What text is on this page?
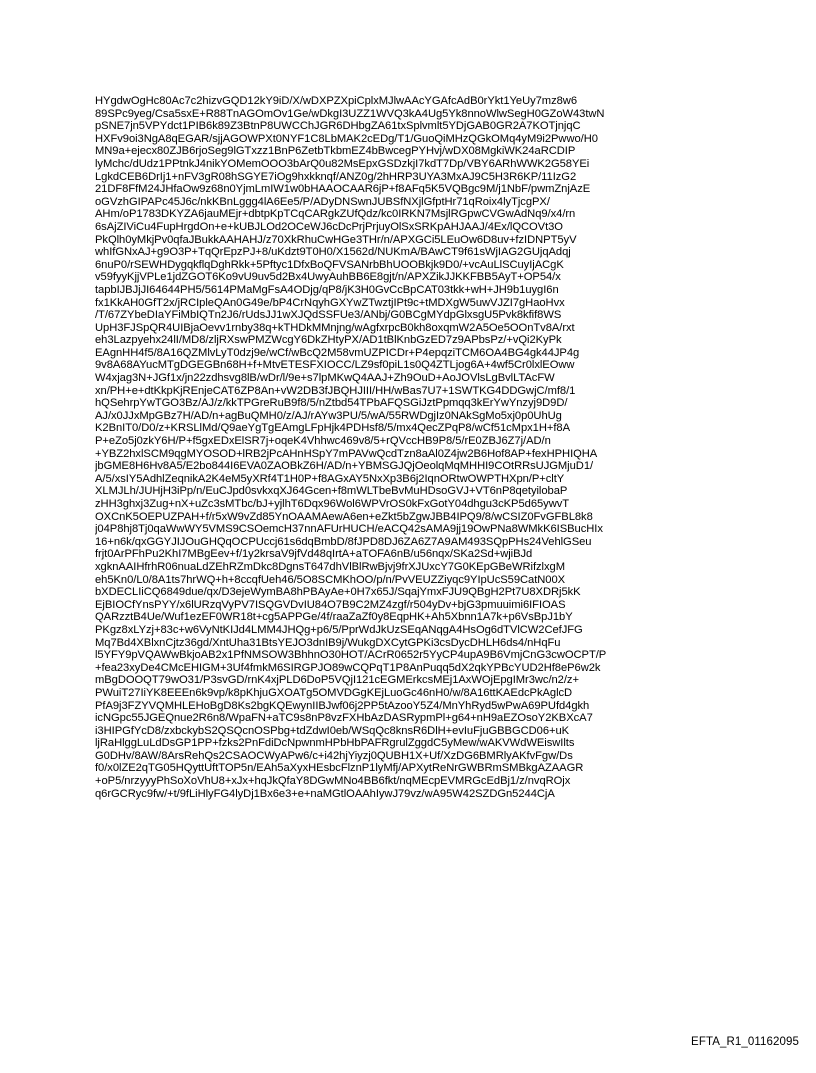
HYgdwOgHc80Ac7c2hizvGQD12kY9iD/X/wDXPZXpiCplxMJlwAAcYGAfcAdB0rYkt1YeUy7mz8w6
89SPc9yeg/Csa5sxE+R88TnAGOmOv1Ge/wDkgI3UZZ1WVQ3kA4Ug5Yk8nnoWlwSegH0GZoW43twN
pSNE7jn5VPYdct1PIB6k89Z3BtnP8UWCChJGR6DHbgZA61txSplvmlt5YDjGAB0GR2A7KOTjnjqC
HXFv9oi3NgA8qEGAR/sjjAGOWPXt0NYF1C8LbMAK2cEDg/T1/GuoQiMHzQGkOMq4yM9i2Pwwo/H0
MN9a+ejecx80ZJB6rjoSeg9lGTxzz1BnP6ZetbTkbmEZ4bBwcegPYHvj/wDX08MgkiWK24aRCDIP
lyMchc/dUdz1PPtnkJ4nikYOMemOOO3bArQ0u82MsEpxGSDzkjI7kdT7Dp/VBY6ARhWWK2G58YEi
LgkdCEB6DrIj1+nFV3gR08hSGYE7iOg9hxkknqf/ANZ0g/2hHRP3UYA3MxAJ9C5H3R6KP/11IzG2
21DF8FfM24JHfaOw9z68n0YjmLmIW1w0bHAAOCAAR6jP+f8AFq5K5VQBgc9M/j1NbF/pwmZnjAzE
oGVzhGIPAPc45J6c/nkKBnLggg4lA6Ee5/P/ADyDNSwnJUBSfNXjlGfptHr71qRoix4lyTjcgPX/
AHm/oP1783DKYZA6jauMEjr+dbtpKpTCqCARgkZUfQdz/kc0IRKN7MsjlRGpwCVGwAdNq9/x4/rn
6sAjZIViCu4FupHrgdOn+e+kUBJLOd2OCeWJ6cDcPrjPrjuyOlSxSRKpAHJAAJ/4Ex/lQCOVt3O
PkQlh0yMkjPv0qfaJBukkAAHAHJ/z70XkRhuCwHGe3THr/n/APXGCi5LEuOw6D8uv+fzIDNPT5yV
whIfGNxAJ+g9O3P+TqQrEpzPJ+8/uKdzt9T0H0/X1562d/NUKmA/BAwCT9f61sWjIAG2GUjqAdqj
6nuP0/rSEWHDygqkflqDghRkk+5Pftyc1DfxBoQFVSANrbBhUOOBkjk9D0/+vcAuLlSCuyIjACgK
v59fyyKjjVPLe1jdZGOT6Ko9vU9uv5d2Bx4UwyAuhBB6E8gjt/n/APXZikJJKKFBB5AyT+OP54/x
tapbIJBJjJI64644PH5/5614PMaMgFsA4ODjg/qP8/jK3H0GvCcBpCAT03tkk+wH+JH9b1uygI6n
fx1KkAH0GfT2x/jRCIpleQAn0G49e/bP4CrNqyhGXYwZTwztjIPt9c+tMDXgW5uwVJZI7gHaoHvx
/T/67ZYbeDIaYFiMbIQTn2J6/rUdsJJ1wXJQdSSFUe3/ANbj/G0BCgMYdpGlxsgU5Pvk8kfif8WS
UpH3FJSpQR4UIBjaOevv1rnby38q+kTHDkMMnjng/wAgfxrpcB0kh8oxqmW2A5Oe5OOnTv8A/rxt
eh3Lazpyehx24lI/MD8/zljRXswPMZWcgY6DkZHtyPX/AD1tBlKnbGzED7z9APbsPz/+vQi2KyPk
EAgnHH4f5/8A16QZMlvLyT0dzj9e/wCf/wBcQ2M58vmUZPICDr+P4epqziTCM6OA4BG4gk44JP4g
9v8A68AYucMTgDGEGBn68H+f+MtvETESFXIOCC/LZ9sf0piL1s0Q4ZTLjog6A+4wf5Cr0lxlEOww
W4xjag3N+JGf1x/jn22zdhsvg8lB/wDr/l/9e+s7lpMKwQ4AAJ+Zh9OuD+AoJOVlsLgBvlLTAcFW
xn/PH+e+dtKkpKjREnjeCAT6ZP8An+vW2DB3fJBQHJIII/HH/wBas7U7+1SWTKG4DDGwjC/mf8/1
hQSehrpYwTGO3Bz/AJ/z/kkTPGreRuB9f8/5/nZtbd54TPbAFQSGiJztPpmqq3kErYwYnzyj9D9D/
AJ/x0JJxMpGBz7H/AD/n+agBuQMH0/z/AJ/rAYw3PU/5/wA/55RWDgjIz0NAkSgMo5xj0p0UhUg
K2BnIT0/D0/z+KRSLlMd/Q9aeYgTgEAmgLFpHjk4PDHsf8/5/mx4QecZPqP8/wCf51cMpx1H+f8A
P+eZo5j0zkY6H/P+f5gxEDxElSR7j+oqeK4Vhhwc469v8/5+rQVccHB9P8/5/rE0ZBJ6Z7j/AD/n
+YBZ2hxlSCM9qgMYOSOD+lRB2jPcAHnHSpY7mPAVwQcdTzn8aAl0Z4jw2B6Hof8AP+fexHPHIQHA
jbGME8H6Hv8A5/E2bo844I6EVA0ZAOBkZ6H/AD/n+YBMSGJQjOeolqMqMHHI9COtRRsUJGMjuD1/
A/5/xsIY5AdhlZeqnikA2K4eM5yXRf4T1H0P+f8AGxAY5NxXp3B6j2IqnORtwOWPTHXpn/P+cltY
XLMJLh/JUHjH3iPp/n/EuCJpd0svkxqXJ64Gcen+f8mWLTbeBvMuHDsoGVJ+VT6nP8qetyilobaP
zHH3ghxj3Zug+nX+uZc3sMTbc/bJ+yjlhT6Dqx96Wol6WPVrOS0kFxGotY04dhgu3cKP5d65ywvT
OXCnK5OEPUZPAH+f/r5xW9vZd85YnOAAMAewA6en+eZkt5bZgwJBB4IPQ9/8/wCSIZ0FvGFBL8k8
j04P8hj8Tj0qaWwWY5VMS9CSOemcH37nnAFUrHUCH/eACQ42sAMA9jj19OwPNa8WMkK6ISBucHIx
16+n6k/qxGGYJIJOuGHQqOCPUccj61s6dqBmbD/8fJPD8DJ6ZA6Z7A9AM493SQpPHs24VehlGSeu
frjt0ArPFhPu2KhI7MBgEev+f/1y2krsaV9jfVd48qIrtA+aTOFA6nB/u56nqx/SKa2Sd+wjiBJd
xgknAAIHfrhR06nuaLdZEhRZmDkc8DgnsT647dhVlBlRwBjvj9frXJUxcY7G0KEpGBeWRifzlxgM
eh5Kn0/L0/8A1ts7hrWQ+h+8ccqfUeh46/5O8SCMKhOO/p/n/PvVEUZZiyqc9YIpUcS59CatN00X
bXDECLIiCQ6849due/qx/D3ejeWymBA8hPBAyAe+0H7x65J/SqajYmxFJU9QBgH2Pt7U8XDRj5kK
EjBIOCfYnsPYY/x6lURzqVyPV7ISQGVDvIU84O7B9C2MZ4zgf/r504yDv+bjG3pmuuimi6IFIOAS
QARzztB4Ue/Wuf1ezEF0WR18t+cg5APPGe/4f/raaZaZf0y8EqpHK+Ah5Xbnn1A7k+p6VsBpJ1bY
PKgz8xLYzj+83c+w6VyNtKIJd4LMM4JHQg+p6/5/PprWdJkUzSEqANqgA4HsOg6dTVlCW2CefJFG
Mq7Bd4XBlxnCjtz36gd/XntUha31BtsYEJO3dnIB9j/WukgDXCytGPKi3csDycDHLH6ds4/nHqFu
l5YFY9pVQAWwBkjoAB2x1PfNMSOW3BhhnO30HOT/ACrR0652r5YyCP4upA9B6VmjCnG3cwOCPT/P
+fea23xyDe4CMcEHIGM+3Uf4fmkM6SIRGPJO89wCQPqT1P8AnPuqq5dX2qkYPBcYUD2Hf8eP6w2k
mBgDOOQT79wO31/P3svGD/rnK4xjPLD6DoP5VQjI121cEGMErkcsMEj1AxWOjEpgIMr3wc/n2/z+
PWuiT27IiYK8EEEn6k9vp/k8pKhjuGXOATg5OMVDGgKEjLuoGc46nH0/w/8A16ttKAEdcPkAglcD
PfA9j3FZYVQMHLEHoBgD8Ks2bgKQEwynIIBJwf06j2PP5tAzooY5Z4/MnYhRyd5wPwA69PUfd4gkh
icNGpc55JGEQnue2R6n8/WpaFN+aTC9s8nP8vzFXHbAzDASRypmPl+g64+nH9aEZOsoY2KBXcA7
i3HIPGfYcD8/zxbckybS2QSQcnOSPbg+tdZdwI0eb/WSqQc8knsR6DlH+evIuFjuGBBGCD06+uK
ljRaHlggLuLdDsGP1PP+fzks2PnFdiDcNpwnmHPbHbPAFRgrulZggdC5yMew/wAKVWdWEiswIlts
G0DHv/8AW/8ArsRehQs2CSAOCWyAPw6/c+i42hjYiyzj0QUBH1X+Uf/XzDG6BMRlyAKfvFgw/Ds
f0/x0lZE2qTG05HQyttUftTOP5n/EAh5aXyxHEsbcFlznP1lyMfj/APXytReNrGWBRmSMBkgAZAAGR
+oP5/nrzyyyPhSoXoVhU8+xJx+hqJkQfaY8DGwMNo4BB6fkt/nqMEcpEVMRGcEdBj1/z/nvqROjx
q6rGCRyc9fw/+t/9fLiHlyFG4lyDj1Bx6e3+e+naMGtlOAAhIywJ79vz/wA95W42SZDGn5244CjA
EFTA_R1_01162095
